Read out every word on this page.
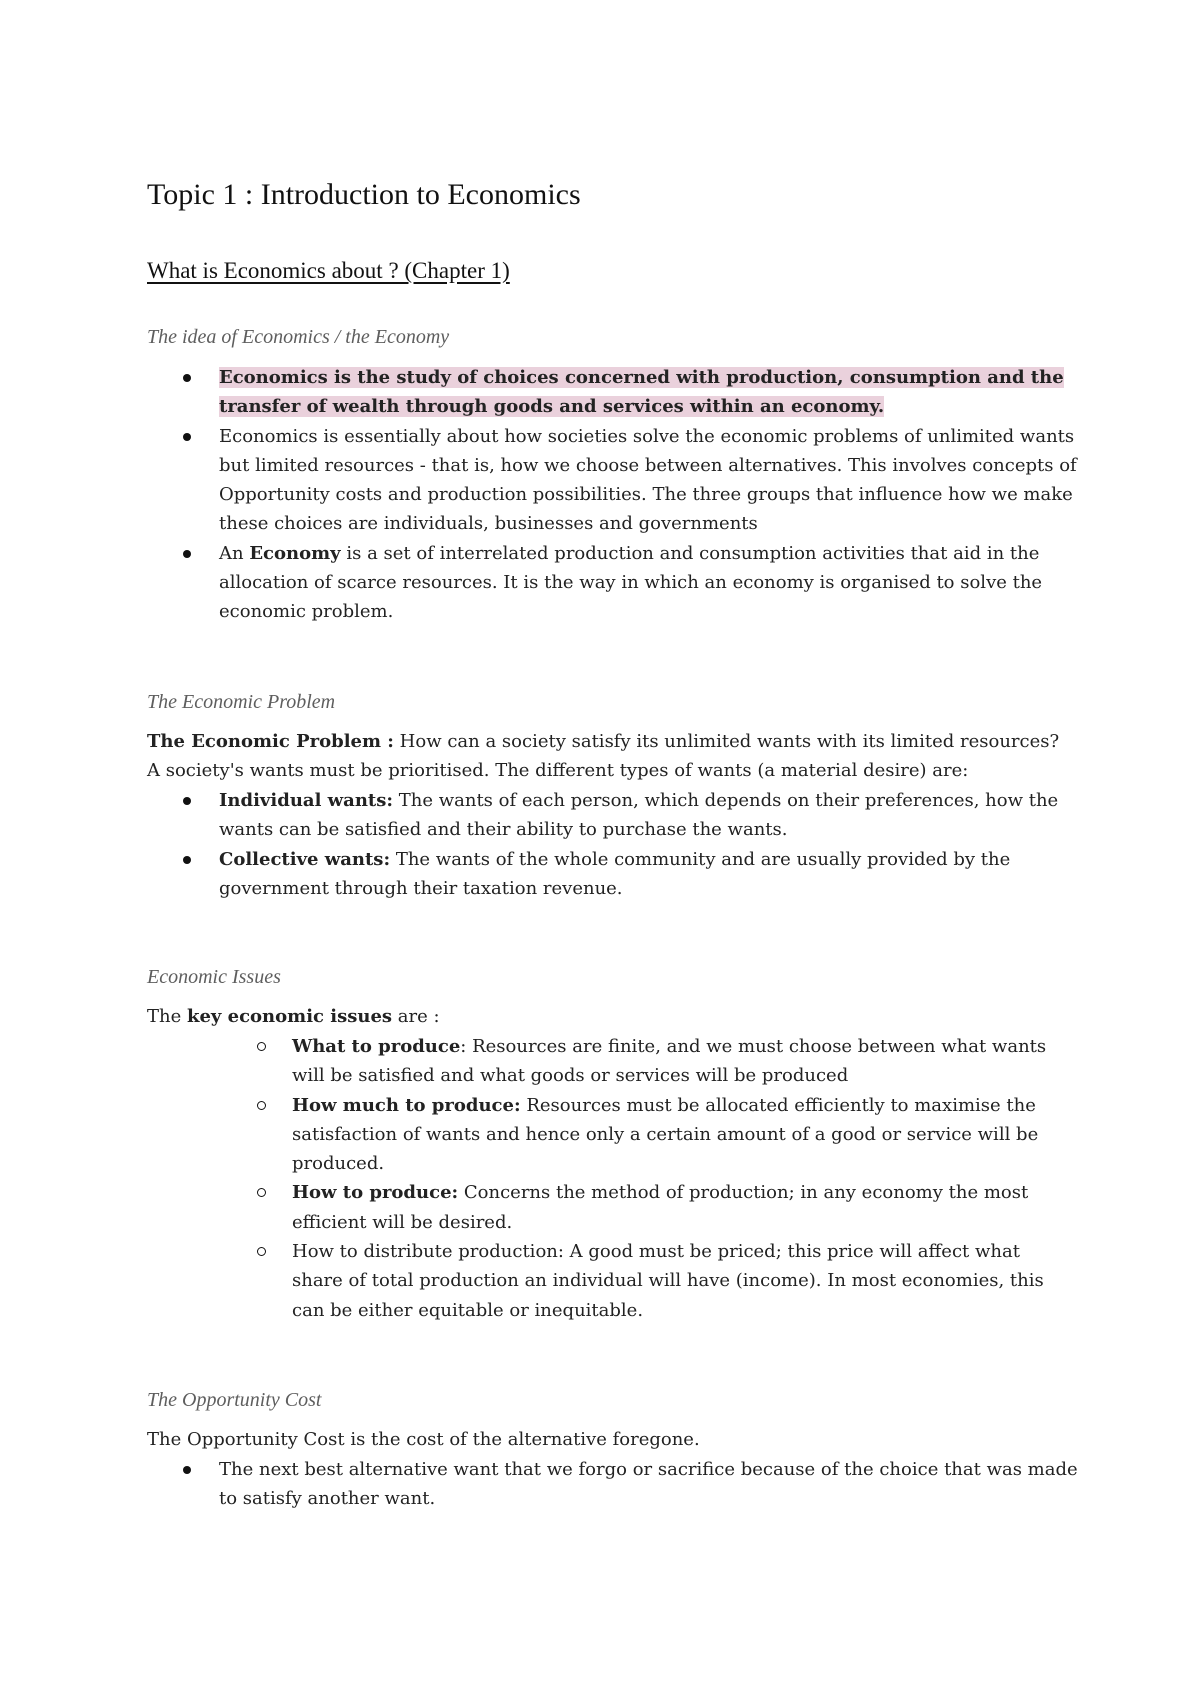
Topic 1 : Introduction to Economics
What is Economics about ? (Chapter 1)
The idea of Economics / the Economy
Economics is the study of choices concerned with production, consumption and the transfer of wealth through goods and services within an economy.
Economics is essentially about how societies solve the economic problems of unlimited wants but limited resources - that is, how we choose between alternatives. This involves concepts of Opportunity costs and production possibilities. The three groups that influence how we make these choices are individuals, businesses and governments
An Economy is a set of interrelated production and consumption activities that aid in the allocation of scarce resources. It is the way in which an economy is organised to solve the economic problem.
The Economic Problem

The Economic Problem : How can a society satisfy its unlimited wants with its limited resources? A society's wants must be prioritised. The different types of wants (a material desire) are:

Individual wants: The wants of each person, which depends on their preferences, how the wants can be satisfied and their ability to purchase the wants.
Collective wants: The wants of the whole community and are usually provided by the government through their taxation revenue.
Economic Issues

The key economic issues are :

What to produce: Resources are finite, and we must choose between what wants will be satisfied and what goods or services will be produced
How much to produce: Resources must be allocated efficiently to maximise the satisfaction of wants and hence only a certain amount of a good or service will be produced.
How to produce: Concerns the method of production; in any economy the most efficient will be desired.
How to distribute production: A good must be priced; this price will affect what share of total production an individual will have (income). In most economies, this can be either equitable or inequitable.
The Opportunity Cost

The Opportunity Cost is the cost of the alternative foregone.

The next best alternative want that we forgo or sacrifice because of the choice that was made to satisfy another want.
